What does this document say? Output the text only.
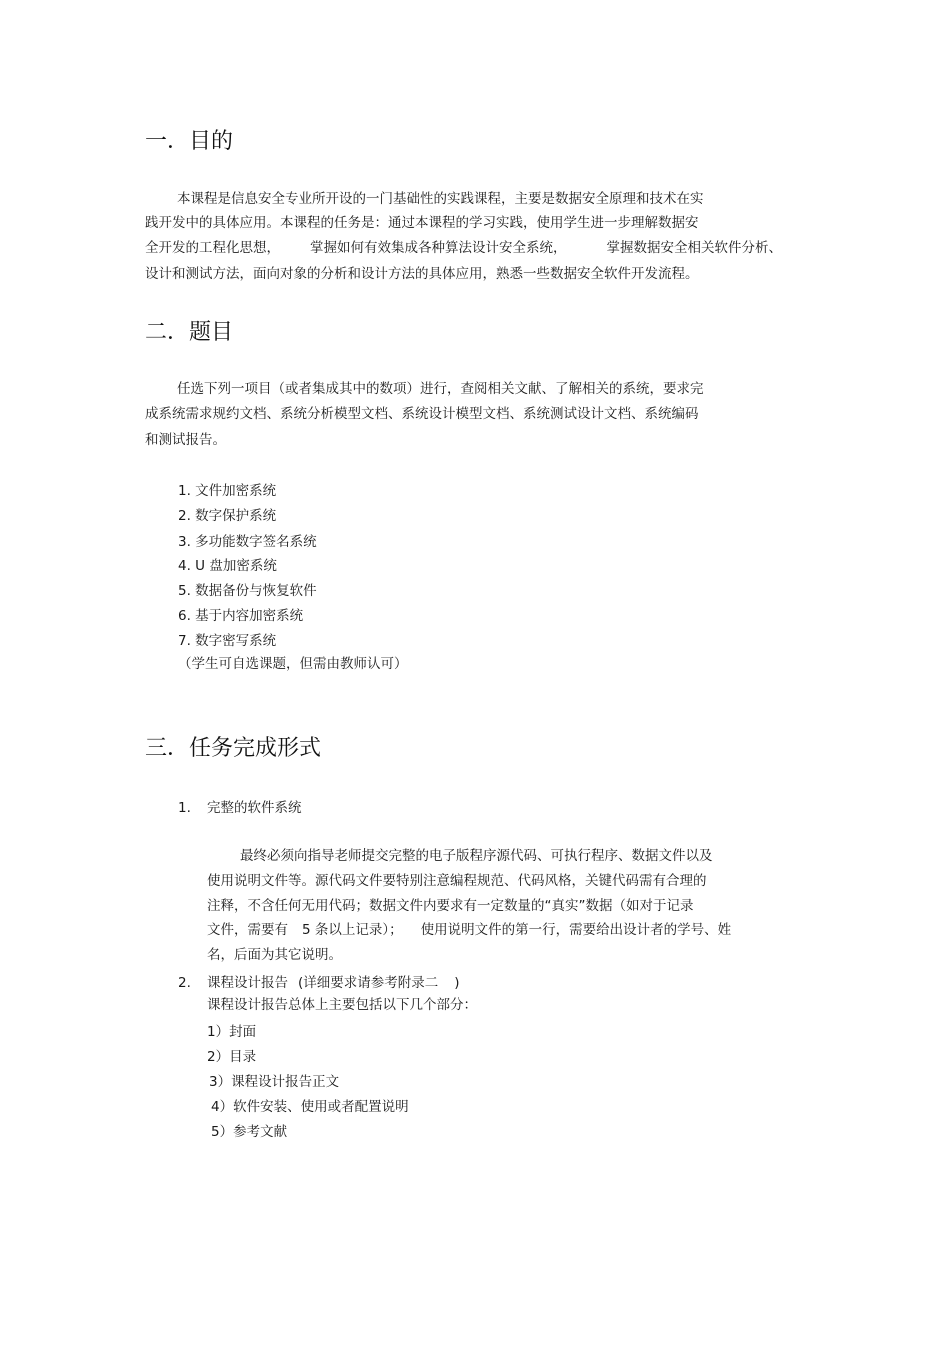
一．目的
本课程是信息安全专业所开设的一门基础性的实践课程，主要是数据安全原理和技术在实
践开发中的具体应用。本课程的任务是：通过本课程的学习实践，使用学生进一步理解数据安
全开发的工程化思想， 掌握如何有效集成各种算法设计安全系统，	掌握数据安全相关软件分析、
设计和测试方法，面向对象的分析和设计方法的具体应用，熟悉一些数据安全软件开发流程。
二．题目
任选下列一项目（或者集成其中的数项）进行，查阅相关文献、了解相关的系统，要求完
成系统需求规约文档、系统分析模型文档、系统设计模型文档、系统测试设计文档、系统编码
和测试报告。
1. 文件加密系统
2. 数字保护系统
3. 多功能数字签名系统
4. U 盘加密系统
5. 数据备份与恢复软件
6. 基于内容加密系统
7. 数字密写系统
（学生可自选课题，但需由教师认可）
三．任务完成形式
1. 完整的软件系统
最终必须向指导老师提交完整的电子版程序源代码、可执行程序、数据文件以及
使用说明文件等。源代码文件要特别注意编程规范、代码风格，关键代码需有合理的
注释，不含任何无用代码；数据文件内要求有一定数量的“真实”数据（如对于记录
文件，需要有 5 条以上记录）； 使用说明文件的第一行，需要给出设计者的学号、姓
名，后面为其它说明。
2. 课程设计报告 (详细要求请参考附录二 )
课程设计报告总体上主要包括以下几个部分：
1）封面
2）目录
3）课程设计报告正文
4）软件安装、使用或者配置说明
5）参考文献
